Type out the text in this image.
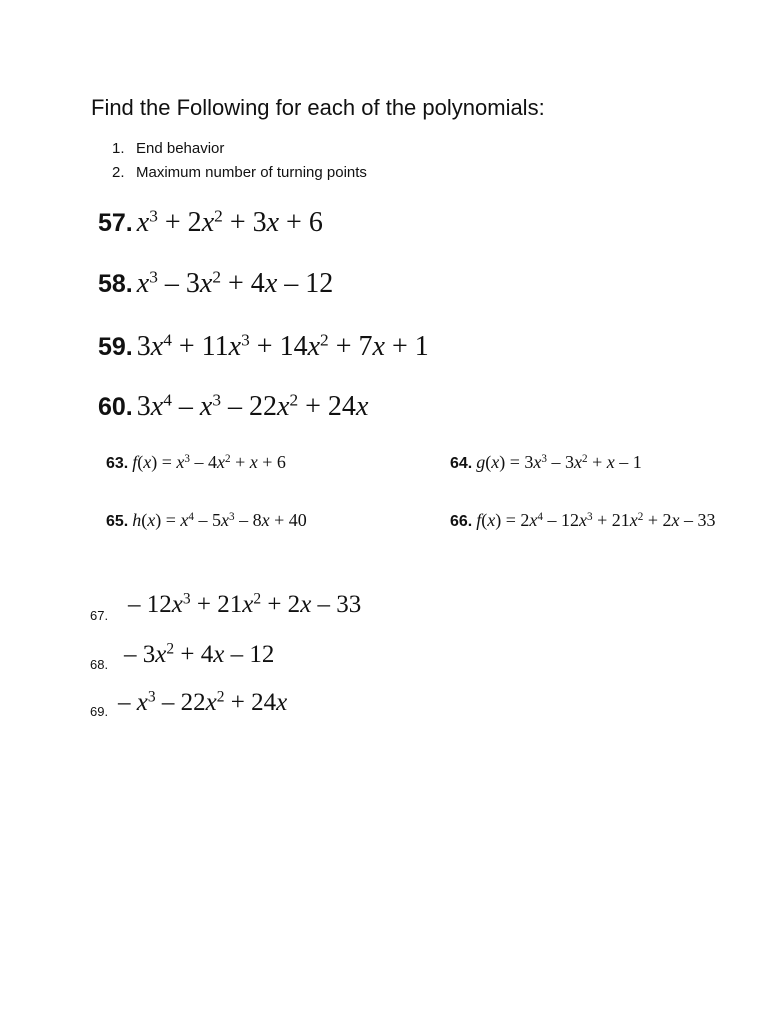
Find the Following for each of the polynomials:
1. End behavior
2. Maximum number of turning points
57. $x^3 + 2x^2 + 3x + 6$
58. $x^3 - 3x^2 + 4x - 12$
59. $3x^4 + 11x^3 + 14x^2 + 7x + 1$
60. $3x^4 - x^3 - 22x^2 + 24x$
63. $f(x) = x^3 - 4x^2 + x + 6$	64. $g(x) = 3x^3 - 3x^2 + x - 1$
65. $h(x) = x^4 - 5x^3 - 8x + 40$	66. $f(x) = 2x^4 - 12x^3 + 21x^2 + 2x - 33$
67. – $12x^3 + 21x^2 + 2x - 33$
68. – $3x^2 + 4x - 12$
69. – $x^3 - 22x^2 + 24x$
